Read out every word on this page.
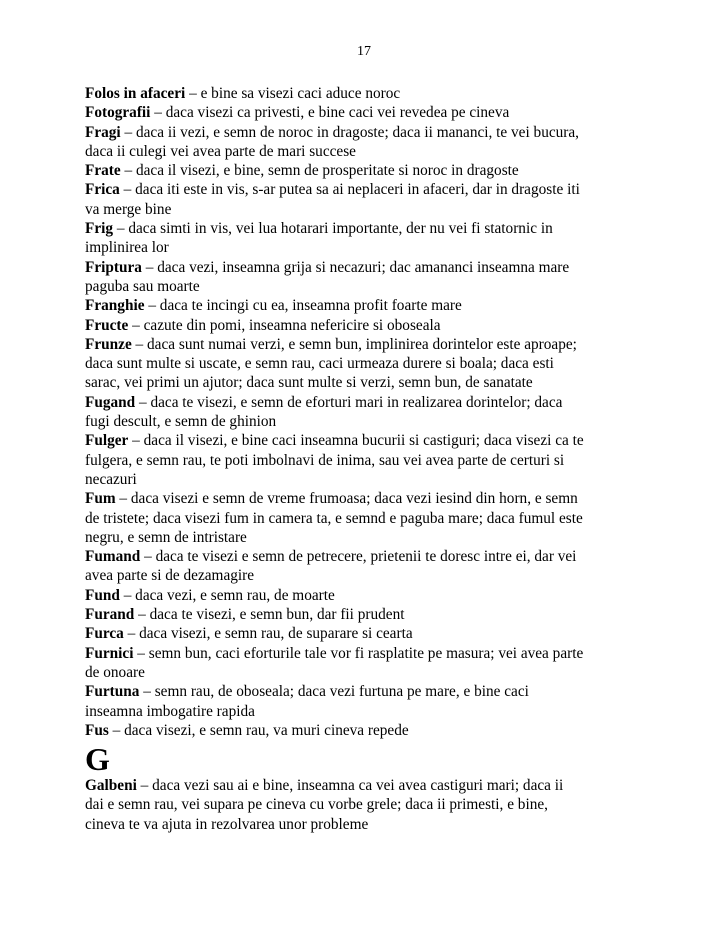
17

Folos in afaceri – e bine sa visezi caci aduce noroc

Fotografii – daca visezi ca privesti, e bine caci vei revedea pe cineva

Fragi – daca ii vezi, e semn de noroc in dragoste; daca ii mananci, te vei bucura, daca ii culegi vei avea parte de mari succese

Frate – daca il visezi, e bine, semn de prosperitate si noroc in dragoste

Frica – daca iti este in vis, s-ar putea sa ai neplaceri in afaceri, dar in dragoste iti va merge bine

Frig – daca simti in vis, vei lua hotarari importante, der nu vei fi statornic in implinirea lor

Friptura – daca vezi, inseamna grija si necazuri; dac amananci inseamna mare paguba sau moarte

Franghie – daca te incingi cu ea, inseamna profit foarte mare

Fructe – cazute din pomi, inseamna nefericire si oboseala

Frunze – daca sunt numai verzi, e semn bun, implinirea dorintelor este aproape; daca sunt multe si uscate, e semn rau, caci urmeaza durere si boala; daca esti sarac, vei primi un ajutor; daca sunt multe si verzi, semn bun, de sanatate

Fugand – daca te visezi, e semn de eforturi mari in realizarea dorintelor; daca fugi descult, e semn de ghinion

Fulger – daca il visezi, e bine caci inseamna bucurii si castiguri; daca visezi ca te fulgera, e semn rau, te poti imbolnavi de inima, sau vei avea parte de certuri si necazuri

Fum – daca visezi e semn de vreme frumoasa; daca vezi iesind din horn, e semn de tristete; daca visezi fum in camera ta, e semnd e paguba mare; daca fumul este negru, e semn de intristare

Fumand – daca te visezi e semn de petrecere, prietenii te doresc intre ei, dar vei avea parte si de dezamagire

Fund – daca vezi, e semn rau, de moarte

Furand – daca te visezi, e semn bun, dar fii prudent

Furca – daca visezi, e semn rau, de suparare si cearta

Furnici – semn bun, caci eforturile tale vor fi rasplatite pe masura; vei avea parte de onoare

Furtuna – semn rau, de oboseala; daca vezi furtuna pe mare, e bine caci inseamna imbogatire rapida

Fus – daca visezi, e semn rau, va muri cineva repede

G

Galbeni – daca vezi sau ai e bine, inseamna ca vei avea castiguri mari; daca ii dai e semn rau, vei supara pe cineva cu vorbe grele; daca ii primesti, e bine, cineva te va ajuta in rezolvarea unor probleme
